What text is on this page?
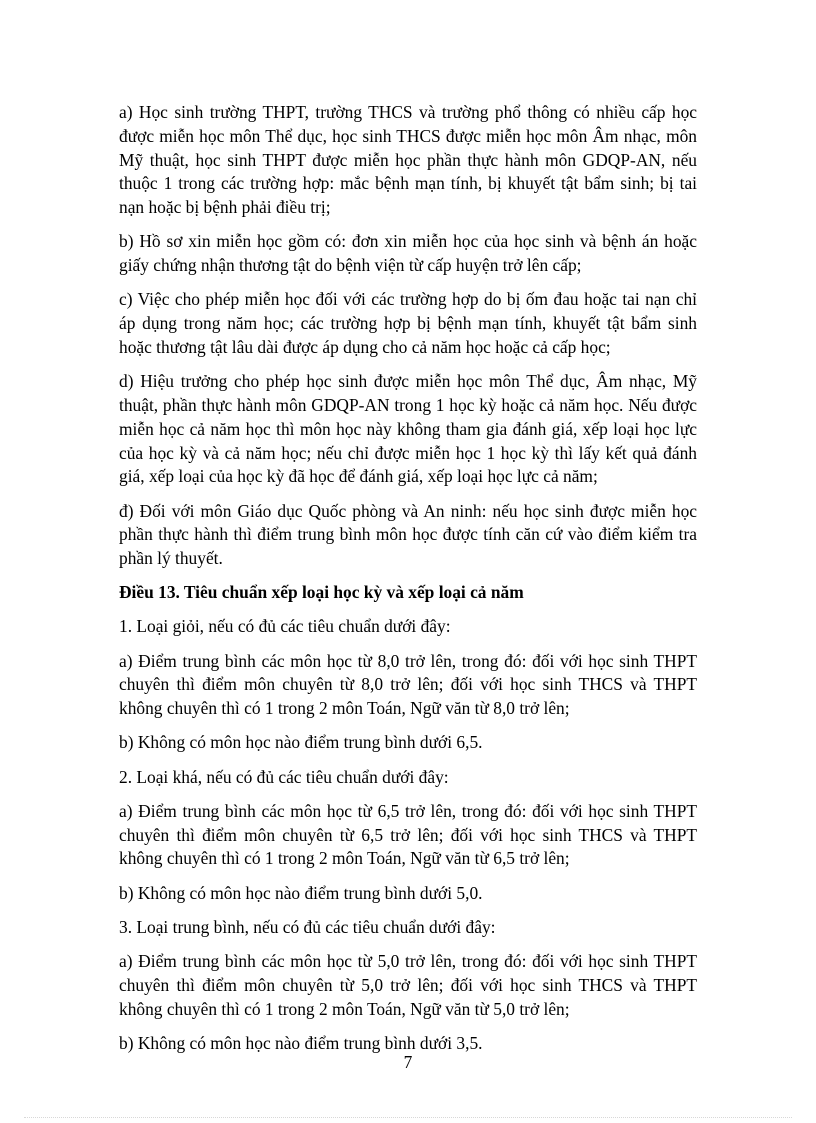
a) Học sinh trường THPT, trường THCS và trường phổ thông có nhiều cấp học được miễn học môn Thể dục, học sinh THCS được miễn học môn Âm nhạc, môn Mỹ thuật, học sinh THPT được miễn học phần thực hành môn GDQP-AN, nếu thuộc 1 trong các trường hợp: mắc bệnh mạn tính, bị khuyết tật bẩm sinh; bị tai nạn hoặc bị bệnh phải điều trị;

b) Hồ sơ xin miễn học gồm có: đơn xin miễn học của học sinh và bệnh án hoặc giấy chứng nhận thương tật do bệnh viện từ cấp huyện trở lên cấp;

c) Việc cho phép miễn học đối với các trường hợp do bị ốm đau hoặc tai nạn chỉ áp dụng trong năm học; các trường hợp bị bệnh mạn tính, khuyết tật bẩm sinh hoặc thương tật lâu dài được áp dụng cho cả năm học hoặc cả cấp học;

d) Hiệu trưởng cho phép học sinh được miễn học môn Thể dục, Âm nhạc, Mỹ thuật, phần thực hành môn GDQP-AN trong 1 học kỳ hoặc cả năm học. Nếu được miễn học cả năm học thì môn học này không tham gia đánh giá, xếp loại học lực của học kỳ và cả năm học; nếu chỉ được miễn học 1 học kỳ thì lấy kết quả đánh giá, xếp loại của học kỳ đã học để đánh giá, xếp loại học lực cả năm;

đ) Đối với môn Giáo dục Quốc phòng và An ninh: nếu học sinh được miễn học phần thực hành thì điểm trung bình môn học được tính căn cứ vào điểm kiểm tra phần lý thuyết.

Điều 13. Tiêu chuẩn xếp loại học kỳ và xếp loại cả năm

1. Loại giỏi, nếu có đủ các tiêu chuẩn dưới đây:

a) Điểm trung bình các môn học từ 8,0 trở lên, trong đó: đối với học sinh THPT chuyên thì điểm môn chuyên từ 8,0 trở lên; đối với học sinh THCS và THPT không chuyên thì có 1 trong 2 môn Toán, Ngữ văn từ 8,0 trở lên;

b) Không có môn học nào điểm trung bình dưới 6,5.

2. Loại khá, nếu có đủ các tiêu chuẩn dưới đây:

a) Điểm trung bình các môn học từ 6,5 trở lên, trong đó: đối với học sinh THPT chuyên thì điểm môn chuyên từ 6,5 trở lên; đối với học sinh THCS và THPT không chuyên thì có 1 trong 2 môn Toán, Ngữ văn từ 6,5 trở lên;

b) Không có môn học nào điểm trung bình dưới 5,0.

3. Loại trung bình, nếu có đủ các tiêu chuẩn dưới đây:

a) Điểm trung bình các môn học từ 5,0 trở lên, trong đó: đối với học sinh THPT chuyên thì điểm môn chuyên từ 5,0 trở lên; đối với học sinh THCS và THPT không chuyên thì có 1 trong 2 môn Toán, Ngữ văn từ 5,0 trở lên;

b) Không có môn học nào điểm trung bình dưới 3,5.

7
